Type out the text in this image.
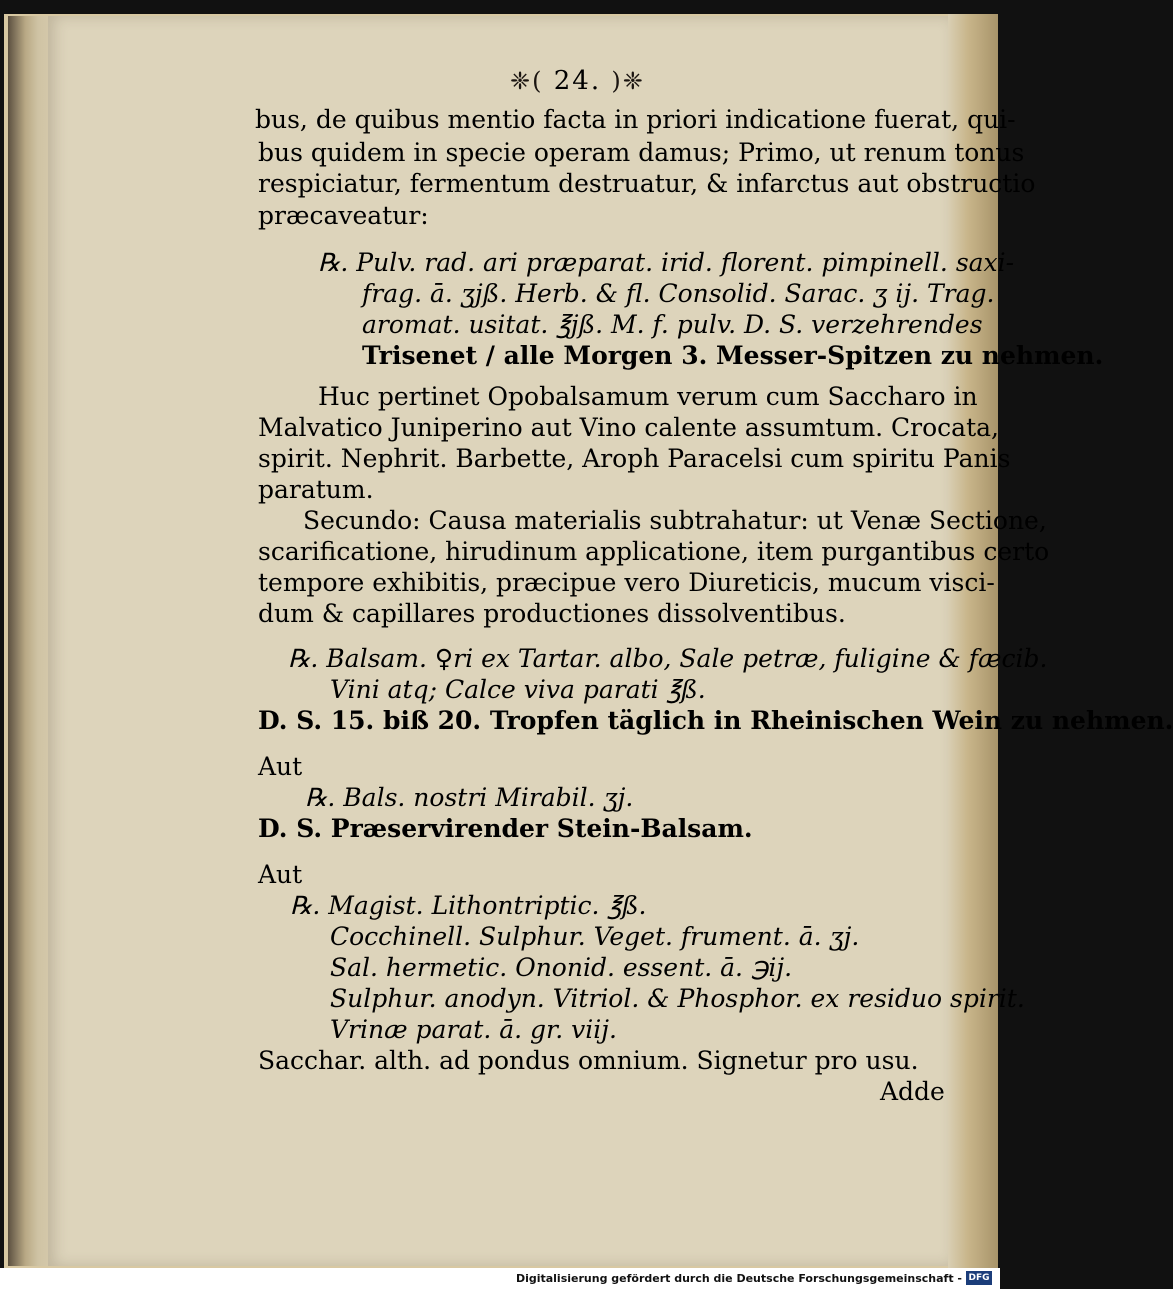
❈( 24. )❈
bus, de quibus mentio facta in priori indicatione fuerat, qui-
bus quidem in specie operam damus; Primo, ut renum tonus
respiciatur, fermentum destruatur, & infarctus aut obstructio
præcaveatur:
℞. Pulv. rad. ari præparat. irid. florent. pimpinell. saxi-
frag. ā. ʒjß. Herb. & fl. Consolid. Sarac. ʒ ij. Trag.
aromat. usitat. ℥jß. M. f. pulv. D. S. verzehrendes
Trisenet / alle Morgen 3. Messer-Spitzen zu nehmen.
Huc pertinet Opobalsamum verum cum Saccharo in
Malvatico Juniperino aut Vino calente assumtum. Crocata,
spirit. Nephrit. Barbette, Aroph Paracelsi cum spiritu Panis
paratum.
Secundo: Causa materialis subtrahatur: ut Venæ Sectione,
scarificatione, hirudinum applicatione, item purgantibus certo
tempore exhibitis, præcipue vero Diureticis, mucum visci-
dum & capillares productiones dissolventibus.
℞. Balsam. ♀ri ex Tartar. albo, Sale petræ, fuligine & fæcib.
Vini atq; Calce viva parati ℥ß.
D. S. 15. biß 20. Tropfen täglich in Rheinischen Wein zu nehmen.
Aut
℞. Bals. nostri Mirabil. ʒj.
D. S. Præservirender Stein-Balsam.
Aut
℞. Magist. Lithontriptic. ℥ß.
Cocchinell. Sulphur. Veget. frument. ā. ʒj.
Sal. hermetic. Ononid. essent. ā. ℈ij.
Sulphur. anodyn. Vitriol. & Phosphor. ex residuo spirit.
Vrinæ parat. ā. gr. viij.
Sacchar. alth. ad pondus omnium. Signetur pro usu.
Adde
Digitalisierung gefördert durch die Deutsche Forschungsgemeinschaft - DFG
